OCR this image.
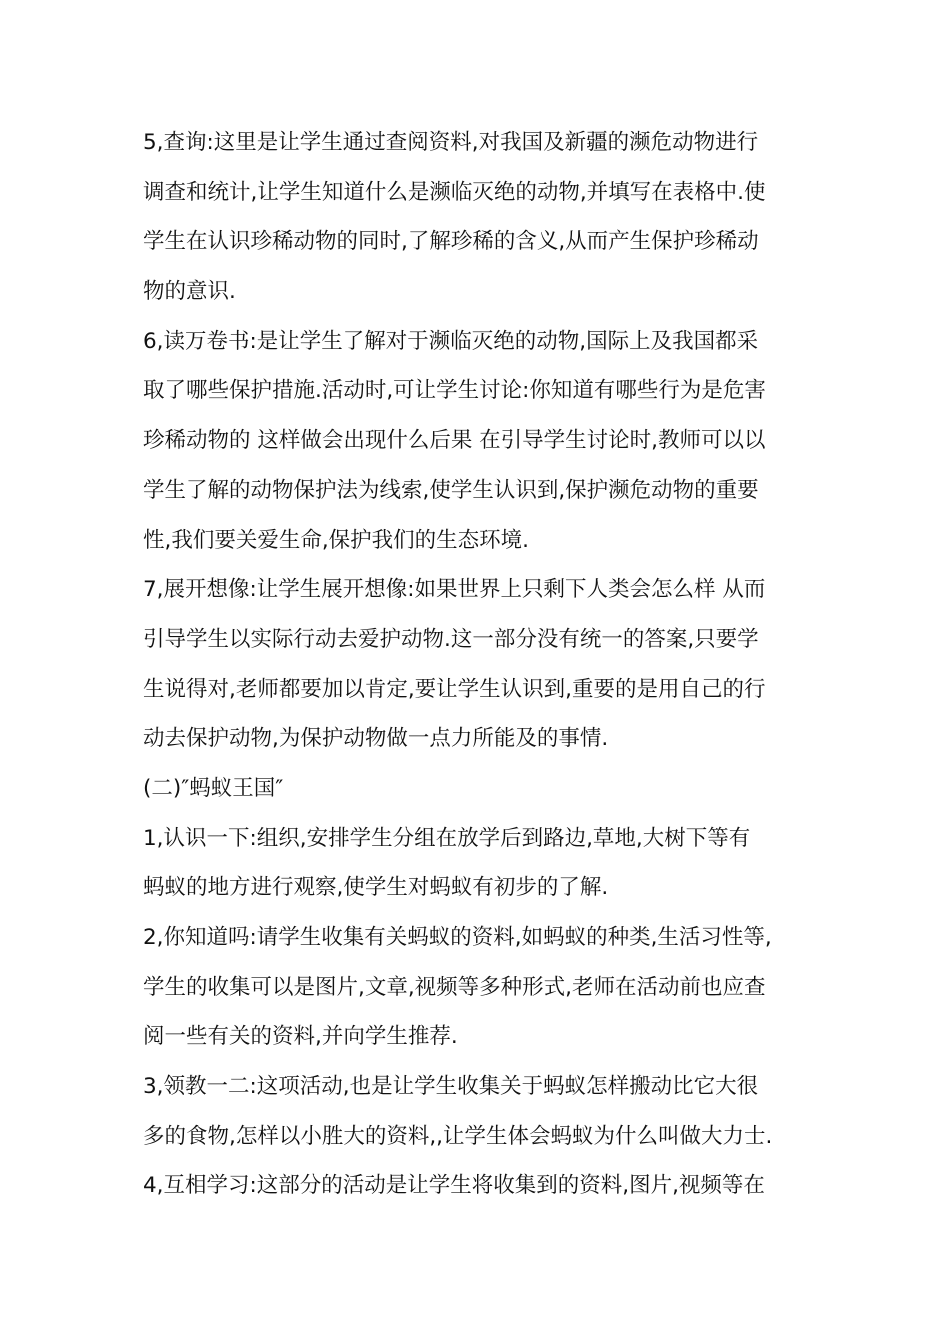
5,查询:这里是让学生通过查阅资料,对我国及新疆的濒危动物进行
调查和统计,让学生知道什么是濒临灭绝的动物,并填写在表格中.使
学生在认识珍稀动物的同时,了解珍稀的含义,从而产生保护珍稀动
物的意识.
6,读万卷书:是让学生了解对于濒临灭绝的动物,国际上及我国都采
取了哪些保护措施.活动时,可让学生讨论:你知道有哪些行为是危害
珍稀动物的 这样做会出现什么后果 在引导学生讨论时,教师可以以
学生了解的动物保护法为线索,使学生认识到,保护濒危动物的重要
性,我们要关爱生命,保护我们的生态环境.
7,展开想像:让学生展开想像:如果世界上只剩下人类会怎么样 从而
引导学生以实际行动去爱护动物.这一部分没有统一的答案,只要学
生说得对,老师都要加以肯定,要让学生认识到,重要的是用自己的行
动去保护动物,为保护动物做一点力所能及的事情.
(二)″蚂蚁王国″
1,认识一下:组织,安排学生分组在放学后到路边,草地,大树下等有
蚂蚁的地方进行观察,使学生对蚂蚁有初步的了解.
2,你知道吗:请学生收集有关蚂蚁的资料,如蚂蚁的种类,生活习性等,
学生的收集可以是图片,文章,视频等多种形式,老师在活动前也应查
阅一些有关的资料,并向学生推荐.
3,领教一二:这项活动,也是让学生收集关于蚂蚁怎样搬动比它大很
多的食物,怎样以小胜大的资料,,让学生体会蚂蚁为什么叫做大力士.
4,互相学习:这部分的活动是让学生将收集到的资料,图片,视频等在
